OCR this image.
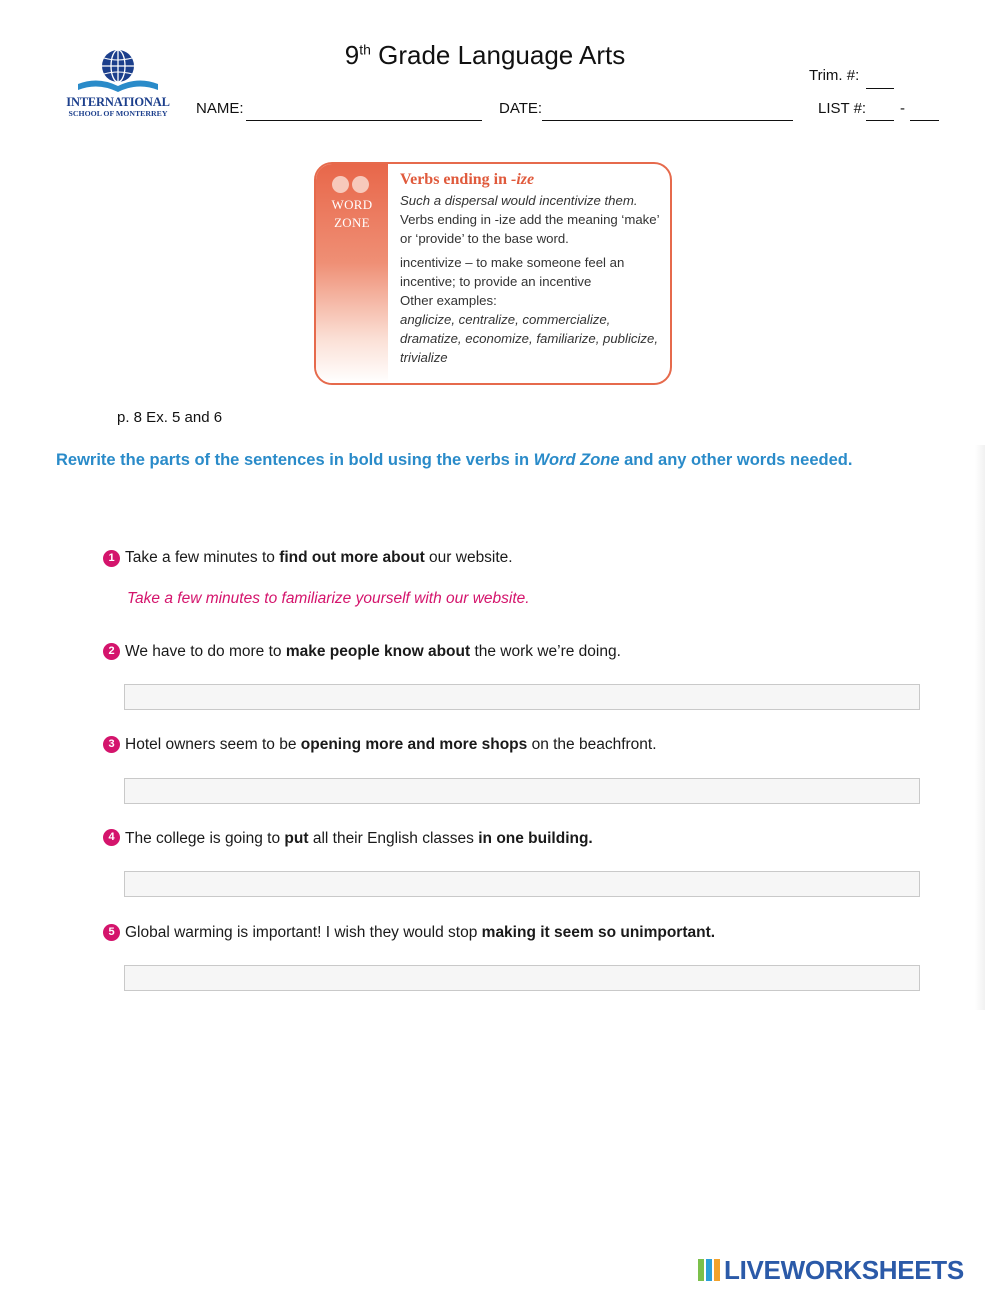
INTERNATIONAL
SCHOOL OF MONTERREY
9th Grade Language Arts
Trim. #:
NAME:	DATE:	LIST #: -
WORD
ZONE
Verbs ending in -ize
Such a dispersal would incentivize them.
Verbs ending in -ize add the meaning ‘make’ or ‘provide’ to the base word.
incentivize – to make someone feel an incentive; to provide an incentive
Other examples:
anglicize, centralize, commercialize, dramatize, economize, familiarize, publicize, trivialize
p. 8 Ex. 5 and 6
Rewrite the parts of the sentences in bold using the verbs in Word Zone and any other words needed.
1 Take a few minutes to find out more about our website.
Take a few minutes to familiarize yourself with our website.
2 We have to do more to make people know about the work we’re doing.
3 Hotel owners seem to be opening more and more shops on the beachfront.
4 The college is going to put all their English classes in one building.
5 Global warming is important! I wish they would stop making it seem so unimportant.
LIVEWORKSHEETS
